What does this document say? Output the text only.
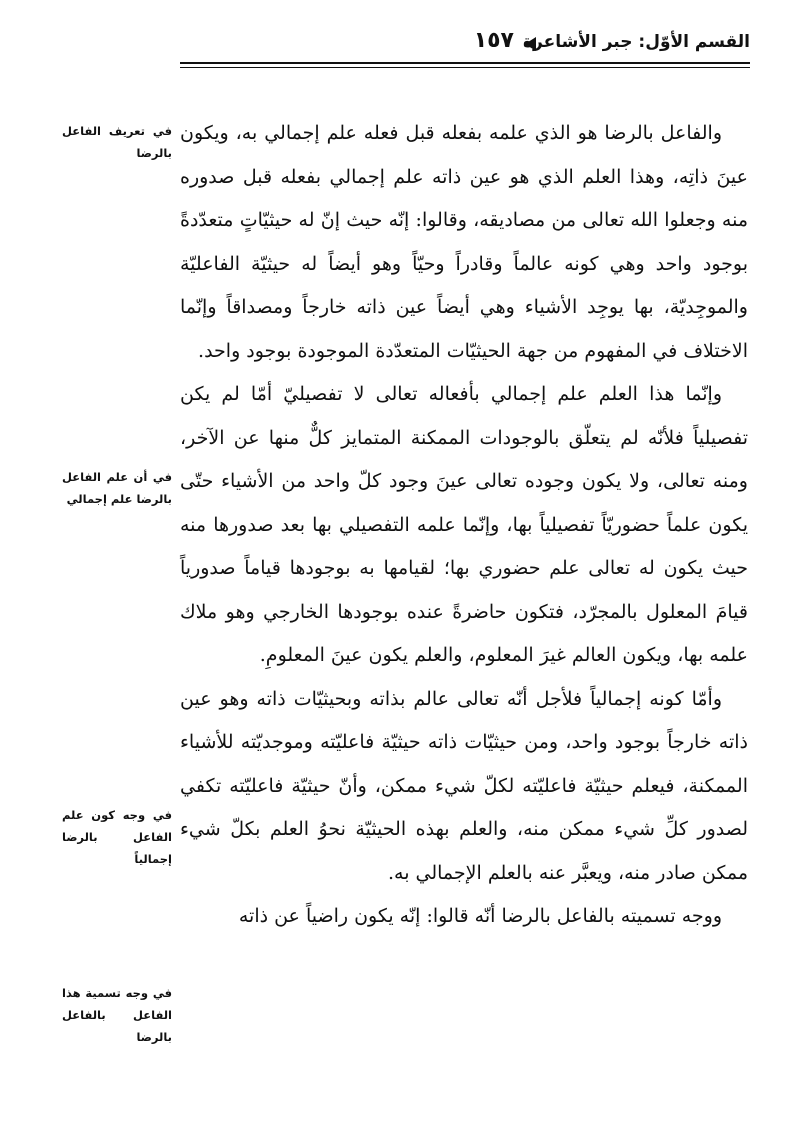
القسم الأوّل: جبر الأشاعرة
١٥٧
في تعريف الفاعل بالرضا
في أن علم الفاعل بالرضا علم إجمالي
في وجه كون علم الفاعل بالرضا إجمالياً
في وجه تسمية هذا الفاعل بالفاعل بالرضا

والفاعل بالرضا هو الذي علمه بفعله قبل فعله علم إجمالي به، ويكون عينَ ذاتِه، وهذا العلم الذي هو عين ذاته علم إجمالي بفعله قبل صدوره منه وجعلوا الله تعالى من مصاديقه، وقالوا: إنّه حيث إنّ له حيثيّاتٍ متعدّدةً بوجود واحد وهي كونه عالماً وقادراً وحيّاً وهو أيضاً له حيثيّة الفاعليّة والموجِديّة، بها يوجِد الأشياء وهي أيضاً عين ذاته خارجاً ومصداقاً وإنّما الاختلاف في المفهوم من جهة الحيثيّات المتعدّدة الموجودة بوجود واحد.

وإنّما هذا العلم علم إجمالي بأفعاله تعالى لا تفصيليّ أمّا لم يكن تفصيلياً فلأنّه لم يتعلّق بالوجودات الممكنة المتمايز كلٌّ منها عن الآخر، ومنه تعالى، ولا يكون وجوده تعالى عينَ وجود كلّ واحد من الأشياء حتّى يكون علماً حضوريّاً تفصيلياً بها، وإنّما علمه التفصيلي بها بعد صدورها منه حيث يكون له تعالى علم حضوري بها؛ لقيامها به بوجودها قياماً صدورياً قيامَ المعلول بالمجرّد، فتكون حاضرةً عنده بوجودها الخارجي وهو ملاك علمه بها، ويكون العالم غيرَ المعلوم، والعلم يكون عينَ المعلومِ.

وأمّا كونه إجمالياً فلأجل أنّه تعالى عالم بذاته وبحيثيّات ذاته وهو عين ذاته خارجاً بوجود واحد، ومن حيثيّات ذاته حيثيّة فاعليّته وموجديّته للأشياء الممكنة، فيعلم حيثيّة فاعليّته لكلّ شيء ممكن، وأنّ حيثيّة فاعليّته تكفي لصدور كلِّ شيء ممكن منه، والعلم بهذه الحيثيّة نحوُ العلم بكلّ شيء ممكن صادر منه، ويعبَّر عنه بالعلم الإجمالي به.

ووجه تسميته بالفاعل بالرضا أنّه قالوا: إنّه يكون راضياً عن ذاته
